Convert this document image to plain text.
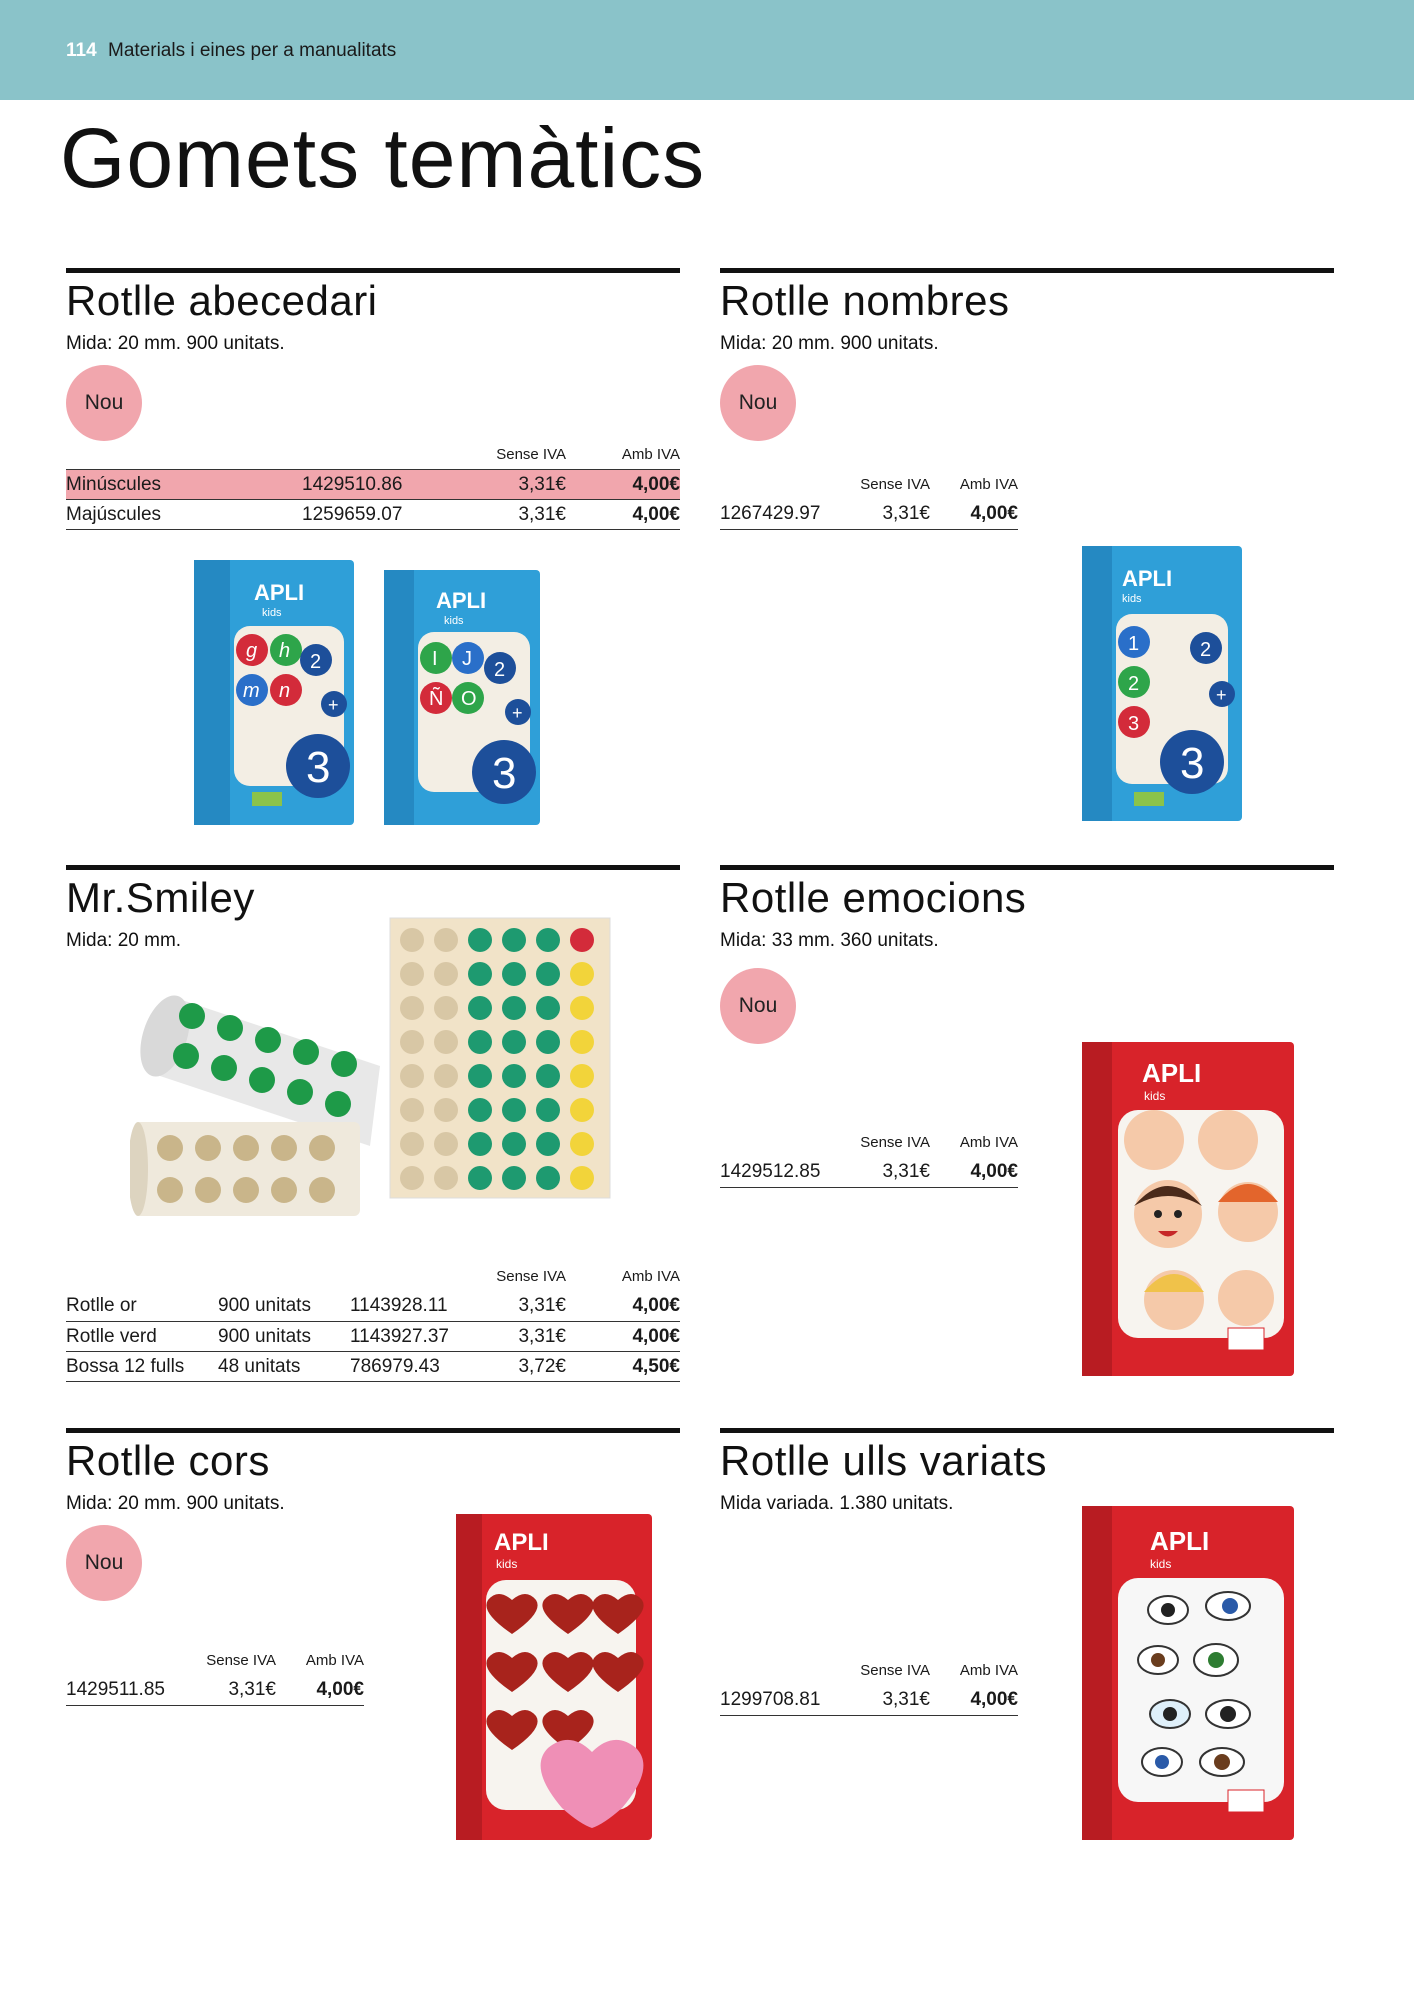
114 Materials i eines per a manualitats
Gomets temàtics
Rotlle abecedari
Mida: 20 mm. 900 unitats.
Nou
		Sense IVA	Amb IVA
Minúscules	1429510.86	3,31€	4,00€
Majúscules	1259659.07	3,31€	4,00€
APLI
kids
g h
m n
2
+
3
APLI
kids
I J
Ñ O
2
+
3
Rotlle nombres
Mida: 20 mm. 900 unitats.
Nou
	Sense IVA	Amb IVA
1267429.97	3,31€	4,00€
APLI
kids
1
2
3
2
+
3
Mr.Smiley
Mida: 20 mm.
			Sense IVA	Amb IVA
Rotlle or	900 unitats	1143928.11	3,31€	4,00€
Rotlle verd	900 unitats	1143927.37	3,31€	4,00€
Bossa 12 fulls	48 unitats	786979.43	3,72€	4,50€
Rotlle emocions
Mida: 33 mm. 360 unitats.
Nou
	Sense IVA	Amb IVA
1429512.85	3,31€	4,00€
APLI
kids
Rotlle cors
Mida: 20 mm. 900 unitats.
Nou
	Sense IVA	Amb IVA
1429511.85	3,31€	4,00€
APLI
kids
Rotlle ulls variats
Mida variada. 1.380 unitats.
	Sense IVA	Amb IVA
1299708.81	3,31€	4,00€
APLI
kids
